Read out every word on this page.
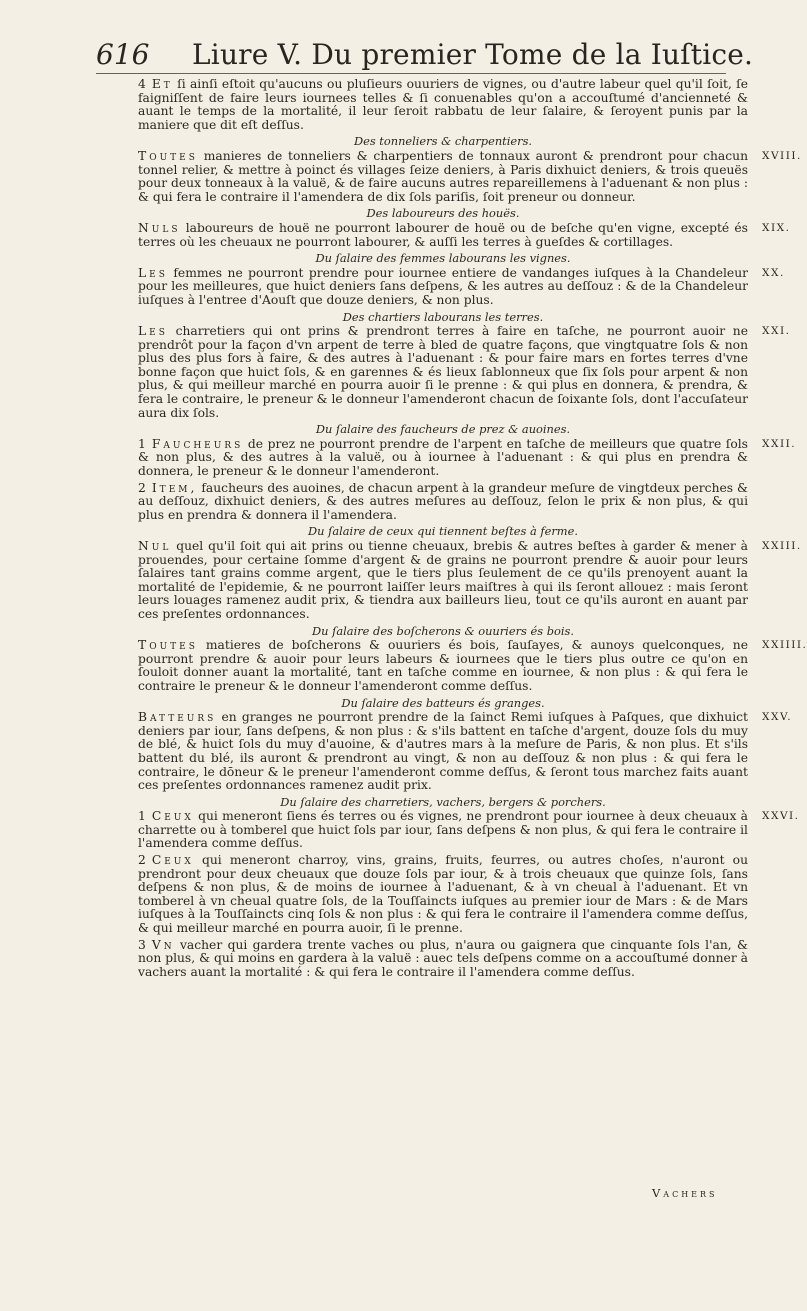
616 Liure V. Du premier Tome de la Iuſtice.

4 Et ſi ainſi eſtoit qu'aucuns ou pluſieurs ouuriers de vignes, ou d'autre labeur quel qu'il ſoit, ſe faigniſſent de faire leurs iournees telles & ſi conuenables qu'on a accouſtumé d'ancienneté & auant le temps de la mortalité, il leur ſeroit rabbatu de leur ſalaire, & ſeroyent punis par la maniere que dit eſt deſſus.

Des tonneliers & charpentiers.

Toutes manieres de tonneliers & charpentiers de tonnaux auront & prendront pour chacun tonnel relier, & mettre à poinct és villages ſeize deniers, à Paris dixhuict deniers, & trois queuës pour deux tonneaux à la valuë, & de faire aucuns autres repareillemens à l'aduenant & non plus : & qui fera le contraire il l'amendera de dix ſols pariſis, ſoit preneur ou donneur.
XVIII.

Des laboureurs des houës.

Nuls laboureurs de houë ne pourront labourer de houë ou de beſche qu'en vigne, excepté és terres où les cheuaux ne pourront labourer, & auſſi les terres à gueſdes & cortillages.
XIX.

Du ſalaire des femmes labourans les vignes.

Les femmes ne pourront prendre pour iournee entiere de vandanges iuſques à la Chandeleur pour les meilleures, que huict deniers ſans deſpens, & les autres au deſſouz : & de la Chandeleur iuſques à l'entree d'Aouſt que douze deniers, & non plus.
XX.

Des chartiers labourans les terres.

Les charretiers qui ont prins & prendront terres à faire en taſche, ne pourront auoir ne prendrôt pour la façon d'vn arpent de terre à bled de quatre façons, que vingtquatre ſols & non plus des plus fors à faire, & des autres à l'aduenant : & pour faire mars en fortes terres d'vne bonne façon que huict ſols, & en garennes & és lieux ſablonneux que ſix ſols pour arpent & non plus, & qui meilleur marché en pourra auoir ſi le prenne : & qui plus en donnera, & prendra, & fera le contraire, le preneur & le donneur l'amenderont chacun de ſoixante ſols, dont l'accuſateur aura dix ſols.
XXI.

Du ſalaire des faucheurs de prez & auoines.

1 Faucheurs de prez ne pourront prendre de l'arpent en taſche de meilleurs que quatre ſols & non plus, & des autres à la valuë, ou à iournee à l'aduenant : & qui plus en prendra & donnera, le preneur & le donneur l'amenderont.
XXII.

2 Item, faucheurs des auoines, de chacun arpent à la grandeur meſure de vingtdeux perches & au deſſouz, dixhuict deniers, & des autres meſures au deſſouz, ſelon le prix & non plus, & qui plus en prendra & donnera il l'amendera.

Du ſalaire de ceux qui tiennent beſtes à ferme.

Nul quel qu'il ſoit qui ait prins ou tienne cheuaux, brebis & autres beſtes à garder & mener à prouendes, pour certaine ſomme d'argent & de grains ne pourront prendre & auoir pour leurs ſalaires tant grains comme argent, que le tiers plus ſeulement de ce qu'ils prenoyent auant la mortalité de l'epidemie, & ne pourront laiſſer leurs maiſtres à qui ils ſeront allouez : mais ſeront leurs louages ramenez audit prix, & tiendra aux bailleurs lieu, tout ce qu'ils auront en auant par ces preſentes ordonnances.
XXIII.

Du ſalaire des boſcherons & ouuriers és bois.

Toutes matieres de boſcherons & ouuriers és bois, ſauſayes, & aunoys quelconques, ne pourront prendre & auoir pour leurs labeurs & iournees que le tiers plus outre ce qu'on en ſouloit donner auant la mortalité, tant en taſche comme en iournee, & non plus : & qui fera le contraire le preneur & le donneur l'amenderont comme deſſus.
XXIIII.

Du ſalaire des batteurs és granges.

Batteurs en granges ne pourront prendre de la ſainct Remi iuſques à Paſques, que dixhuict deniers par iour, ſans deſpens, & non plus : & s'ils battent en taſche d'argent, douze ſols du muy de blé, & huict ſols du muy d'auoine, & d'autres mars à la meſure de Paris, & non plus. Et s'ils battent du blé, ils auront & prendront au vingt, & non au deſſouz & non plus : & qui fera le contraire, le dōneur & le preneur l'amenderont comme deſſus, & ſeront tous marchez faits auant ces preſentes ordonnances ramenez audit prix.
XXV.

Du ſalaire des charretiers, vachers, bergers & porchers.

1 Ceux qui meneront ſiens és terres ou és vignes, ne prendront pour iournee à deux cheuaux à charrette ou à tomberel que huict ſols par iour, ſans deſpens & non plus, & qui fera le contraire il l'amendera comme deſſus.
XXVI.

2 Ceux qui meneront charroy, vins, grains, fruits, feurres, ou autres choſes, n'auront ou prendront pour deux cheuaux que douze ſols par iour, & à trois cheuaux que quinze ſols, ſans deſpens & non plus, & de moins de iournee à l'aduenant, & à vn cheual à l'aduenant. Et vn tomberel à vn cheual quatre ſols, de la Touſſaincts iuſques au premier iour de Mars : & de Mars iuſques à la Touſſaincts cinq ſols & non plus : & qui fera le contraire il l'amendera comme deſſus, & qui meilleur marché en pourra auoir, ſi le prenne.

3 Vn vacher qui gardera trente vaches ou plus, n'aura ou gaignera que cinquante ſols l'an, & non plus, & qui moins en gardera à la valuë : auec tels deſpens comme on a accouſtumé donner à vachers auant la mortalité : & qui fera le contraire il l'amendera comme deſſus.

Vachers
